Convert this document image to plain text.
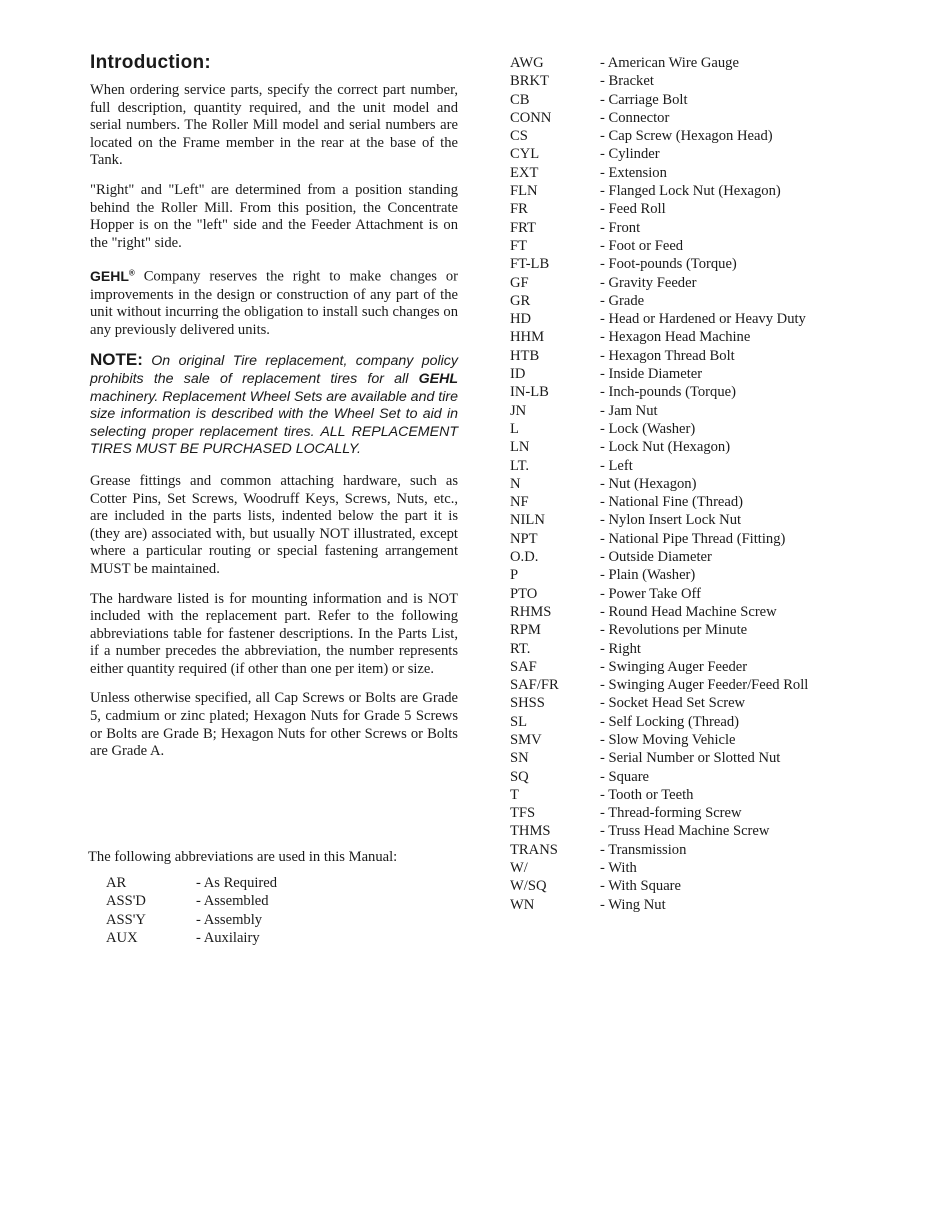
Introduction:

When ordering service parts, specify the correct part number, full description, quantity required, and the unit model and serial numbers. The Roller Mill model and serial numbers are located on the Frame member in the rear at the base of the Tank.

"Right" and "Left" are determined from a position standing behind the Roller Mill. From this position, the Concentrate Hopper is on the "left" side and the Feeder Attachment is on the "right" side.

GEHL® Company reserves the right to make changes or improvements in the design or construction of any part of the unit without incurring the obligation to install such changes on any previously delivered units.

NOTE: On original Tire replacement, company policy prohibits the sale of replacement tires for all GEHL machinery. Replacement Wheel Sets are available and tire size information is described with the Wheel Set to aid in selecting proper replacement tires. ALL REPLACEMENT TIRES MUST BE PURCHASED LOCALLY.

Grease fittings and common attaching hardware, such as Cotter Pins, Set Screws, Woodruff Keys, Screws, Nuts, etc., are included in the parts lists, indented below the part it is (they are) associated with, but usually NOT illustrated, except where a particular routing or special fastening arrangement MUST be maintained.

The hardware listed is for mounting information and is NOT included with the replacement part. Refer to the following abbreviations table for fastener descriptions. In the Parts List, if a number precedes the abbreviation, the number represents either quantity required (if other than one per item) or size.

Unless otherwise specified, all Cap Screws or Bolts are Grade 5, cadmium or zinc plated; Hexagon Nuts for Grade 5 Screws or Bolts are Grade B; Hexagon Nuts for other Screws or Bolts are Grade A.

The following abbreviations are used in this Manual:
AR	- As Required
ASS'D	- Assembled
ASS'Y	- Assembly
AUX	- Auxilairy
AWG	- American Wire Gauge
BRKT	- Bracket
CB	- Carriage Bolt
CONN	- Connector
CS	- Cap Screw (Hexagon Head)
CYL	- Cylinder
EXT	- Extension
FLN	- Flanged Lock Nut (Hexagon)
FR	- Feed Roll
FRT	- Front
FT	- Foot or Feed
FT-LB	- Foot-pounds (Torque)
GF	- Gravity Feeder
GR	- Grade
HD	- Head or Hardened or Heavy Duty
HHM	- Hexagon Head Machine
HTB	- Hexagon Thread Bolt
ID	- Inside Diameter
IN-LB	- Inch-pounds (Torque)
JN	- Jam Nut
L	- Lock (Washer)
LN	- Lock Nut (Hexagon)
LT.	- Left
N	- Nut (Hexagon)
NF	- National Fine (Thread)
NILN	- Nylon Insert Lock Nut
NPT	- National Pipe Thread (Fitting)
O.D.	- Outside Diameter
P	- Plain (Washer)
PTO	- Power Take Off
RHMS	- Round Head Machine Screw
RPM	- Revolutions per Minute
RT.	- Right
SAF	- Swinging Auger Feeder
SAF/FR	- Swinging Auger Feeder/Feed Roll
SHSS	- Socket Head Set Screw
SL	- Self Locking (Thread)
SMV	- Slow Moving Vehicle
SN	- Serial Number or Slotted Nut
SQ	- Square
T	- Tooth or Teeth
TFS	- Thread-forming Screw
THMS	- Truss Head Machine Screw
TRANS	- Transmission
W/	- With
W/SQ	- With Square
WN	- Wing Nut
